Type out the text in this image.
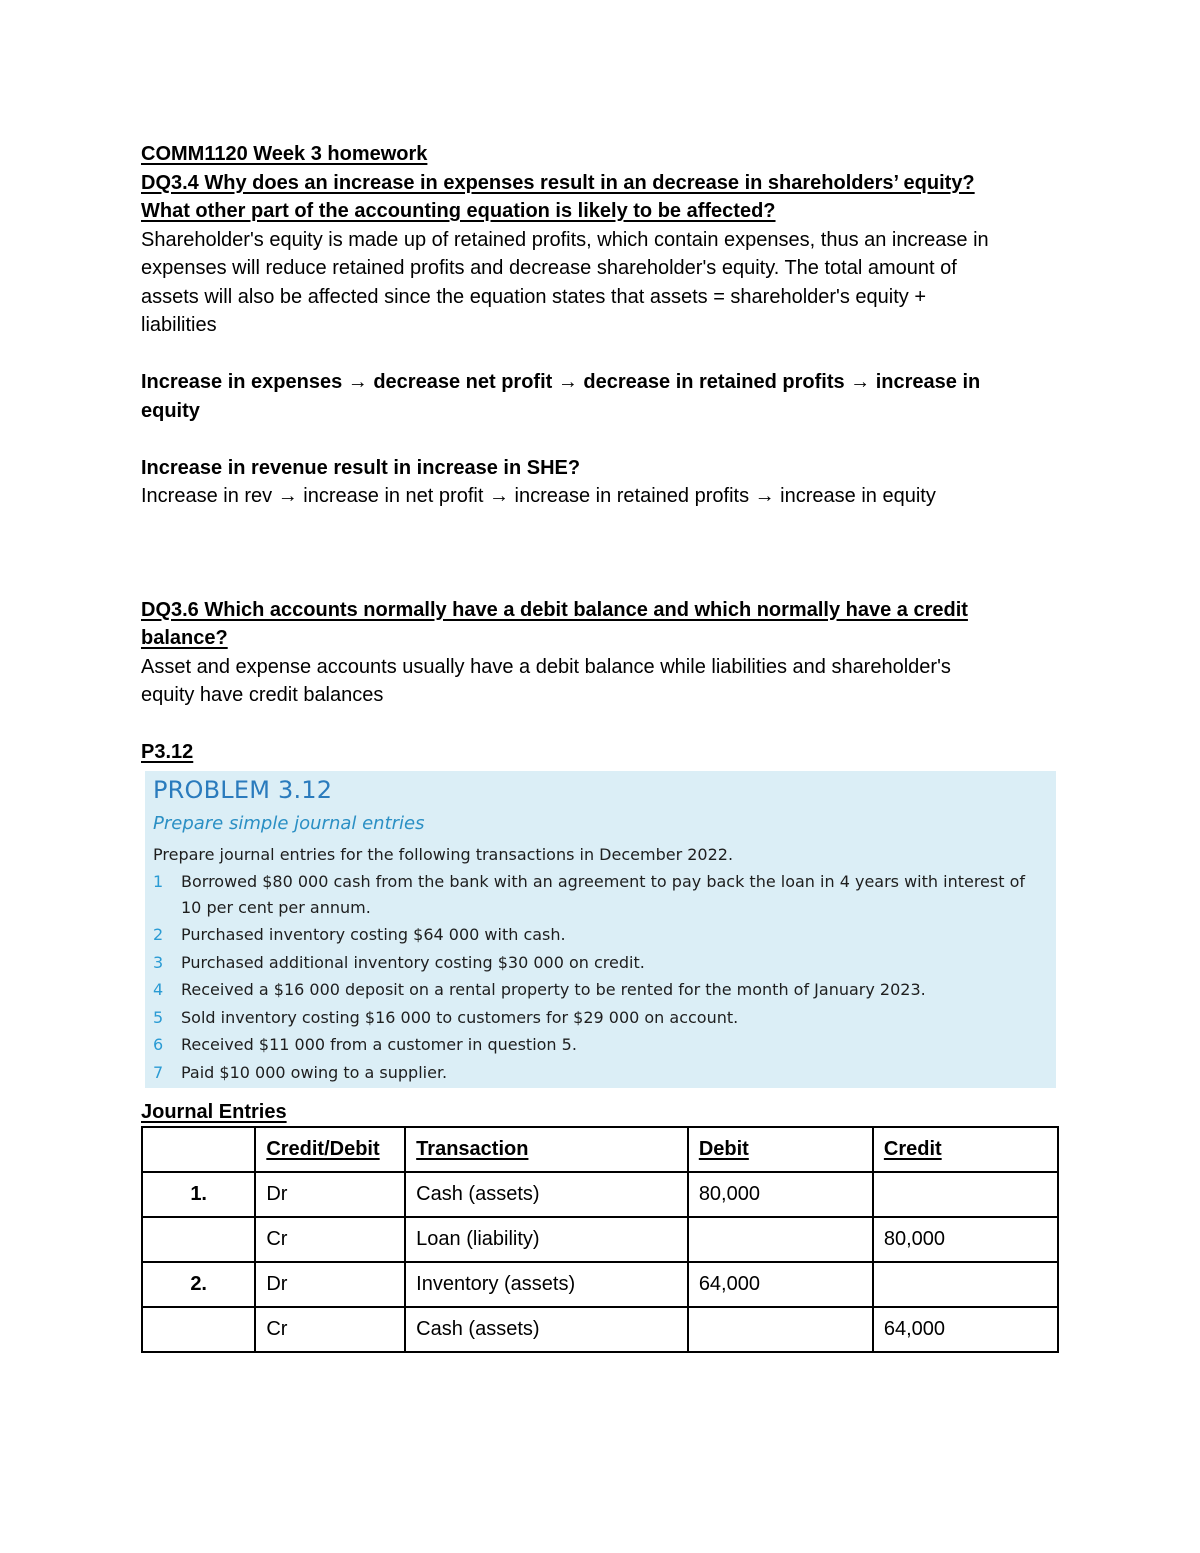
COMM1120 Week 3 homework

DQ3.4 Why does an increase in expenses result in an decrease in shareholders’ equity?

What other part of the accounting equation is likely to be affected?

Shareholder's equity is made up of retained profits, which contain expenses, thus an increase in

expenses will reduce retained profits and decrease shareholder's equity. The total amount of

assets will also be affected since the equation states that assets = shareholder's equity +

liabilities

Increase in expenses → decrease net profit → decrease in retained profits → increase in

equity

Increase in revenue result in increase in SHE?

Increase in rev → increase in net profit → increase in retained profits → increase in equity

DQ3.6 Which accounts normally have a debit balance and which normally have a credit

balance?

Asset and expense accounts usually have a debit balance while liabilities and shareholder's

equity have credit balances

P3.12

PROBLEM 3.12

Prepare simple journal entries

Prepare journal entries for the following transactions in December 2022.

1	Borrowed $80 000 cash from the bank with an agreement to pay back the loan in 4 years with interest of 10 per cent per annum.
2	Purchased inventory costing $64 000 with cash.
3	Purchased additional inventory costing $30 000 on credit.
4	Received a $16 000 deposit on a rental property to be rented for the month of January 2023.
5	Sold inventory costing $16 000 to customers for $29 000 on account.
6	Received $11 000 from a customer in question 5.
7	Paid $10 000 owing to a supplier.

Journal Entries

	Credit/Debit	Transaction	Debit	Credit
1.	Dr	Cash (assets)	80,000	
	Cr	Loan (liability)		80,000
2.	Dr	Inventory (assets)	64,000	
	Cr	Cash (assets)		64,000
